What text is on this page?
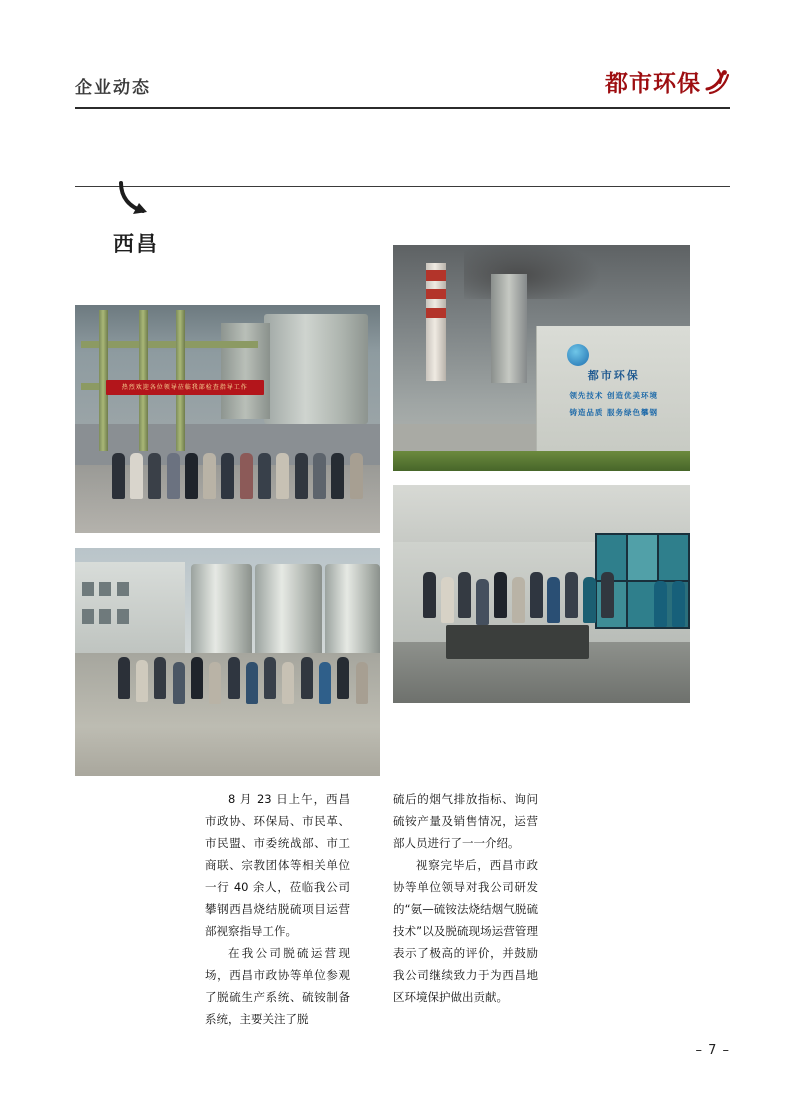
企业动态	都市环保
西昌
热烈欢迎各位领导莅临我部检查指导工作
都市环保
领先技术 创造优美环境
铸造品质 服务绿色攀钢

8 月 23 日上午，西昌市政协、环保局、市民革、市民盟、市委统战部、市工商联、宗教团体等相关单位一行 40 余人，莅临我公司攀钢西昌烧结脱硫项目运营部视察指导工作。

在我公司脱硫运营现场，西昌市政协等单位参观了脱硫生产系统、硫铵制备系统，主要关注了脱

硫后的烟气排放指标、询问硫铵产量及销售情况，运营部人员进行了一一介绍。

视察完毕后，西昌市政协等单位领导对我公司研发的“氨—硫铵法烧结烟气脱硫技术”以及脱硫现场运营管理表示了极高的评价，并鼓励我公司继续致力于为西昌地区环境保护做出贡献。

– 7 –
